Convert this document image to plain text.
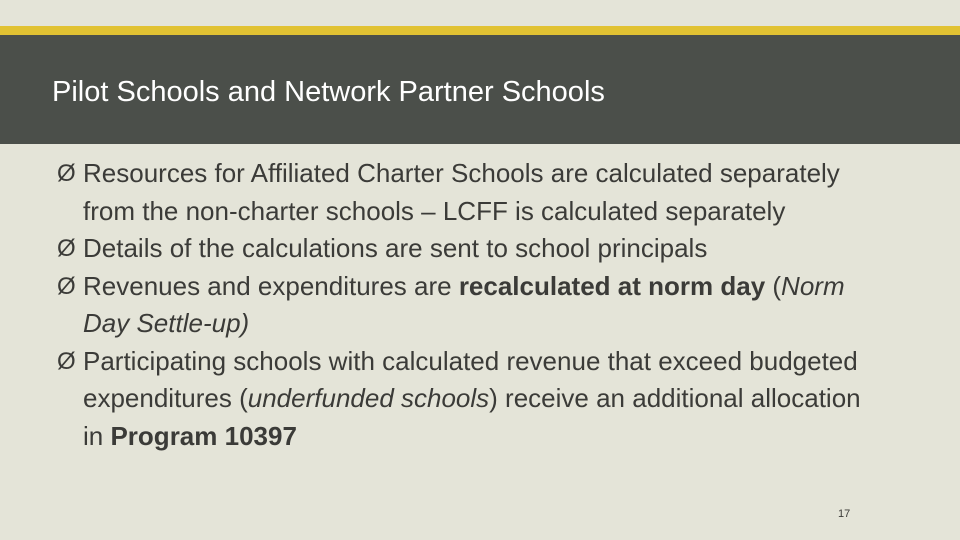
Pilot Schools and Network Partner Schools
Ø Resources for Affiliated Charter Schools are calculated separately from the non-charter schools – LCFF is calculated separately
Ø Details of the calculations are sent to school principals
Ø Revenues and expenditures are recalculated at norm day (Norm Day Settle-up)
Ø Participating schools with calculated revenue that exceed budgeted expenditures (underfunded schools) receive an additional allocation in Program 10397
17
